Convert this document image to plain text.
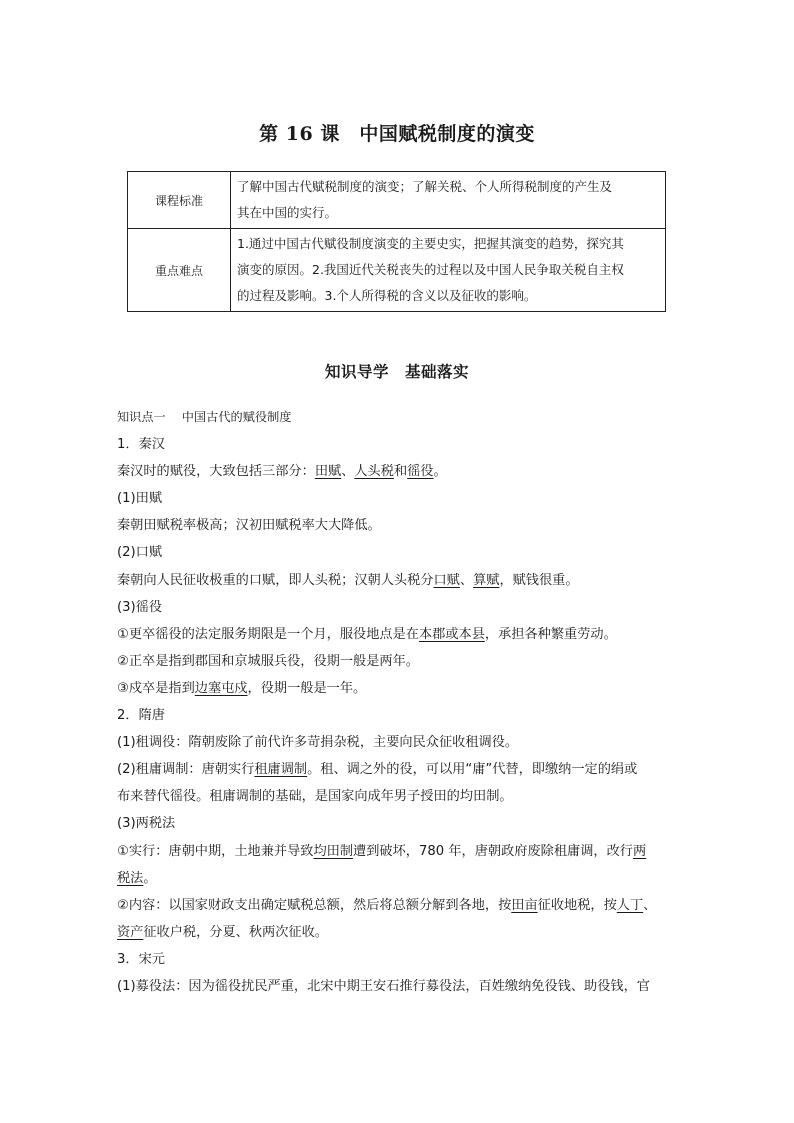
第 16 课　中国赋税制度的演变
课程标准	了解中国古代赋税制度的演变；了解关税、个人所得税制度的产生及
其在中国的实行。

重点难点	1.通过中国古代赋役制度演变的主要史实，把握其演变的趋势，探究其
演变的原因。2.我国近代关税丧失的过程以及中国人民争取关税自主权
的过程及影响。3.个人所得税的含义以及征收的影响。
知识导学　基础落实
知识点一　 中国古代的赋役制度
1．秦汉
秦汉时的赋役，大致包括三部分：田赋、人头税和徭役。
(1)田赋
秦朝田赋税率极高；汉初田赋税率大大降低。
(2)口赋
秦朝向人民征收极重的口赋，即人头税；汉朝人头税分口赋、算赋，赋钱很重。
(3)徭役
①更卒徭役的法定服务期限是一个月，服役地点是在本郡或本县，承担各种繁重劳动。
②正卒是指到郡国和京城服兵役，役期一般是两年。
③戍卒是指到边塞屯戍，役期一般是一年。
2．隋唐
(1)租调役：隋朝废除了前代许多苛捐杂税，主要向民众征收租调役。
(2)租庸调制：唐朝实行租庸调制。租、调之外的役，可以用“庸”代替，即缴纳一定的绢或
布来替代徭役。租庸调制的基础，是国家向成年男子授田的均田制。
(3)两税法
①实行：唐朝中期，土地兼并导致均田制遭到破坏，780 年，唐朝政府废除租庸调，改行两
税法。
②内容：以国家财政支出确定赋税总额，然后将总额分解到各地，按田亩征收地税，按人丁、
资产征收户税，分夏、秋两次征收。
3．宋元
(1)募役法：因为徭役扰民严重，北宋中期王安石推行募役法，百姓缴纳免役钱、助役钱，官
